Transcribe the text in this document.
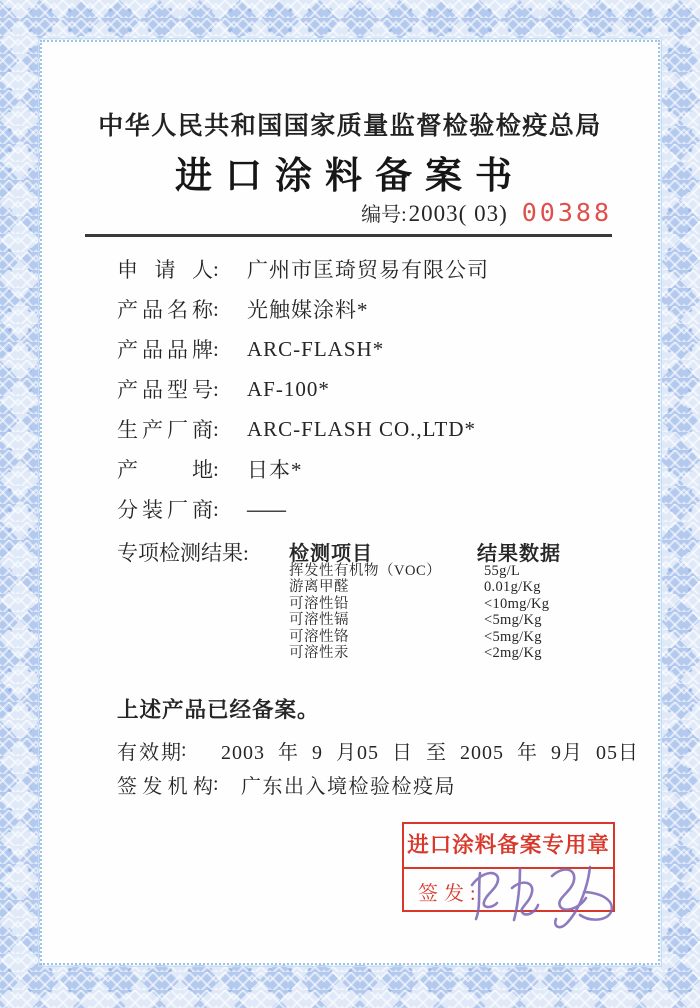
中华人民共和国国家质量监督检验检疫总局
进口涂料备案书
编号:2003( 03) 00388
申请人 :	广州市匡琦贸易有限公司
产品名称 :	光触媒涂料*
产品品牌 :	ARC-FLASH*
产品型号 :	AF-100*
生产厂商 :	ARC-FLASH CO.,LTD*
产地 :	日本*
分装厂商 :	——
专项检测结果:	检测项目	结果数据
挥发性有机物（VOC）	55g/L
游离甲醛	0.01g/Kg
可溶性铅	<10mg/Kg
可溶性镉	<5mg/Kg
可溶性铬	<5mg/Kg
可溶性汞	<2mg/Kg
上述产品已经备案。
有效期 :	2003 年 9 月05 日 至 2005 年 9月 05日
签发机构 :	广东出入境检验检疫局
进口涂料备案专用章
签发:
